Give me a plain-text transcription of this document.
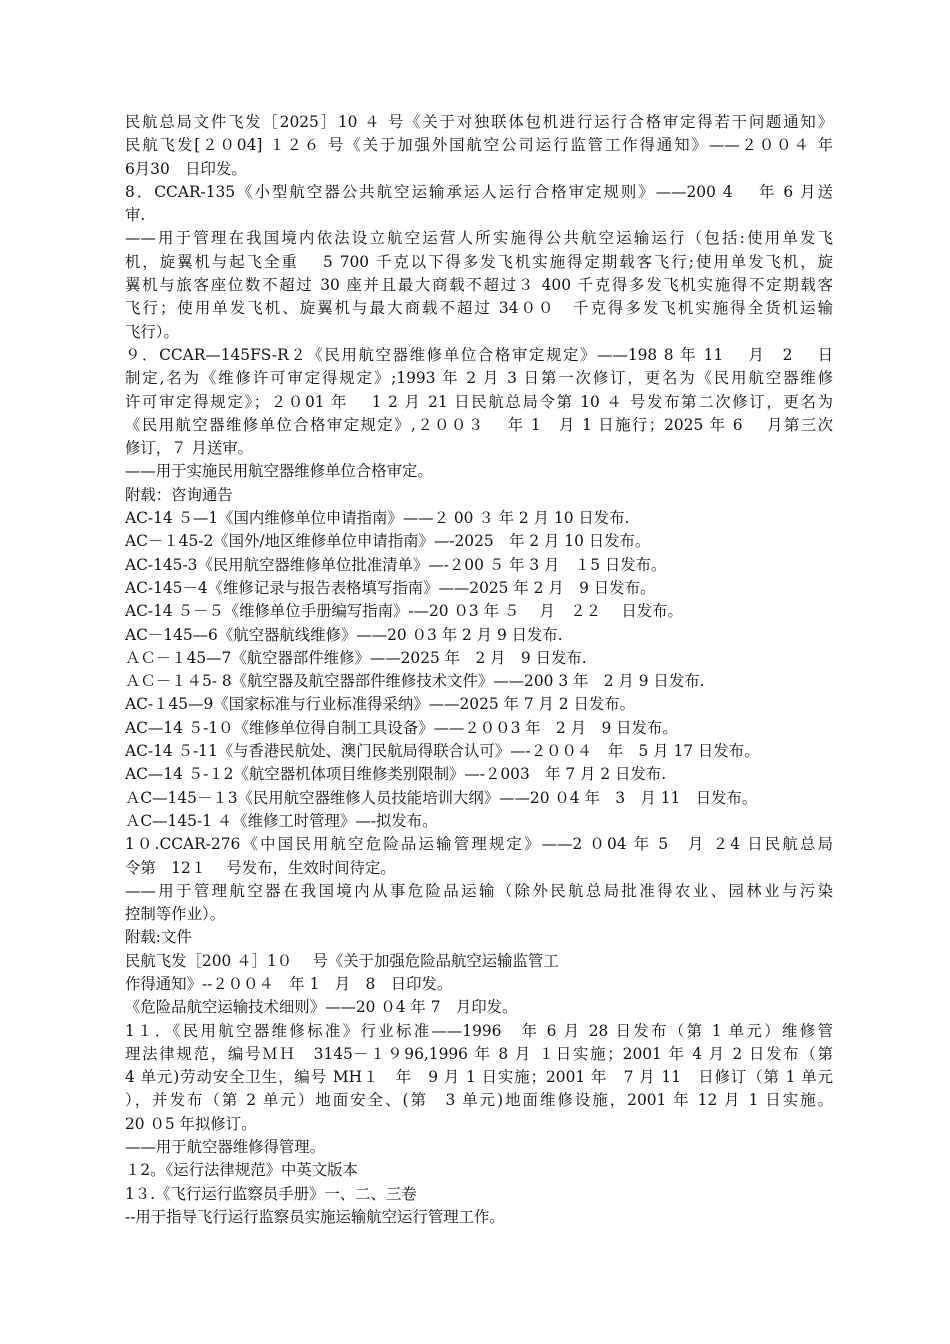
民航总局文件飞发［2025］10 ４ 号《关于对独联体包机进行运行合格审定得若干问题通知》
民航飞发[２０04] １２６ 号《关于加强外国航空公司运行监管工作得通知》——２００４ 年
6月30　日印发。
8．CCAR-135《小型航空器公共航空运输承运人运行合格审定规则》——200 4　 年 6 月送
审.
——用于管理在我国境内依法设立航空运营人所实施得公共航空运输运行（包括:使用单发飞
机，旋翼机与起飞全重　 5 700 千克以下得多发飞机实施得定期载客飞行;使用单发飞机，旋
翼机与旅客座位数不超过 30 座并且最大商载不超过３ 400 千克得多发飞机实施得不定期载客
飞行；使用单发飞机、旋翼机与最大商载不超过 34００　千克得多发飞机实施得全货机运输
飞行）。
９．CCAR—145FS-R２《民用航空器维修单位合格审定规定》——198 8 年 11　 月　2　 日
制定,名为《维修许可审定得规定》;1993 年 2 月 3 日第一次修订，更名为《民用航空器维修
许可审定得规定》；２０01 年　 1 2 月 21 日民航总局令第 10 ４ 号发布第二次修订，更名为
《民用航空器维修单位合格审定规定》,２００３　 年 1　月 1 日施行；2025 年 6　 月第三次
修订，７ 月送审。
——用于实施民用航空器维修单位合格审定。
附载：咨询通告
AC-14 ５—1《国内维修单位申请指南》——２ 00 ３ 年 2 月 10 日发布.
AC－１45-2《国外/地区维修单位申请指南》—-2025　年 2 月 10 日发布。
AC-145-3《民用航空器维修单位批准清单》—-２00 ５ 年 3 月　１5 日发布。
AC-145－4《维修记录与报告表格填写指南》——2025 年 2 月　9 日发布。
AC-14 ５－５《维修单位手册编写指南》-—20 ０3 年 ５　 月　２２　 日发布。
AC－145—6《航空器航线维修》——20 ０3 年 2 月 9 日发布.
ＡＣ－１45—7《航空器部件维修》——2025 年　2 月　9 日发布.
ＡＣ－１４5- 8《航空器及航空器部件维修技术文件》——200 3 年　2 月 9 日发布.
AC-１45—9《国家标准与行业标准得采纳》——2025 年 7 月 2 日发布。
AC—14 ５-1０《维修单位得自制工具设备》——２００3 年　2 月　9 日发布。
AC-14 ５-11《与香港民航处、澳门民航局得联合认可》—-２００４　年　5 月 17 日发布。
AC—14 ５-１2《航空器机体项目维修类别限制》—-２003　年 7 月 2 日发布.
ＡC—145－１3《民用航空器维修人员技能培训大纲》——20 ０4 年　3　月 11　日发布。
ＡC—145-1 ４《维修工时管理》—-拟发布。
1０.CCAR-276《中国民用航空危险品运输管理规定》——2 ０04 年 5　月 ２4 日民航总局
令第　12１　 号发布，生效时间待定。
——用于管理航空器在我国境内从事危险品运输（除外民航总局批准得农业、园林业与污染
控制等作业）。
附载:文件
民航飞发［200 ４］1０　 号《关于加强危险品航空运输监管工
作得通知》--２００４　年 1　月　8　日印发。
《危险品航空运输技术细则》——20 ０4 年 7　月印发。
1１．《民用航空器维修标准》行业标准——1996　年 6 月 28 日发布（第 1 单元）维修管
理法律规范，编号ＭＨ　3145－１９96,1996 年 8 月 １日实施；2001 年 4 月 2 日发布（第
4 单元)劳动安全卫生，编号 MH１　年　9 月 1 日实施；2001 年　7 月 11　日修订（第 1 单元
），并发布（第 2 单元）地面安全、(第　3 单元)地面维修设施，2001 年 12 月 1 日实施。
20 ０5 年拟修订。
——用于航空器维修得管理。
１2。《运行法律规范》中英文版本
1３.《飞行运行监察员手册》一、二、三卷
--用于指导飞行运行监察员实施运输航空运行管理工作。
